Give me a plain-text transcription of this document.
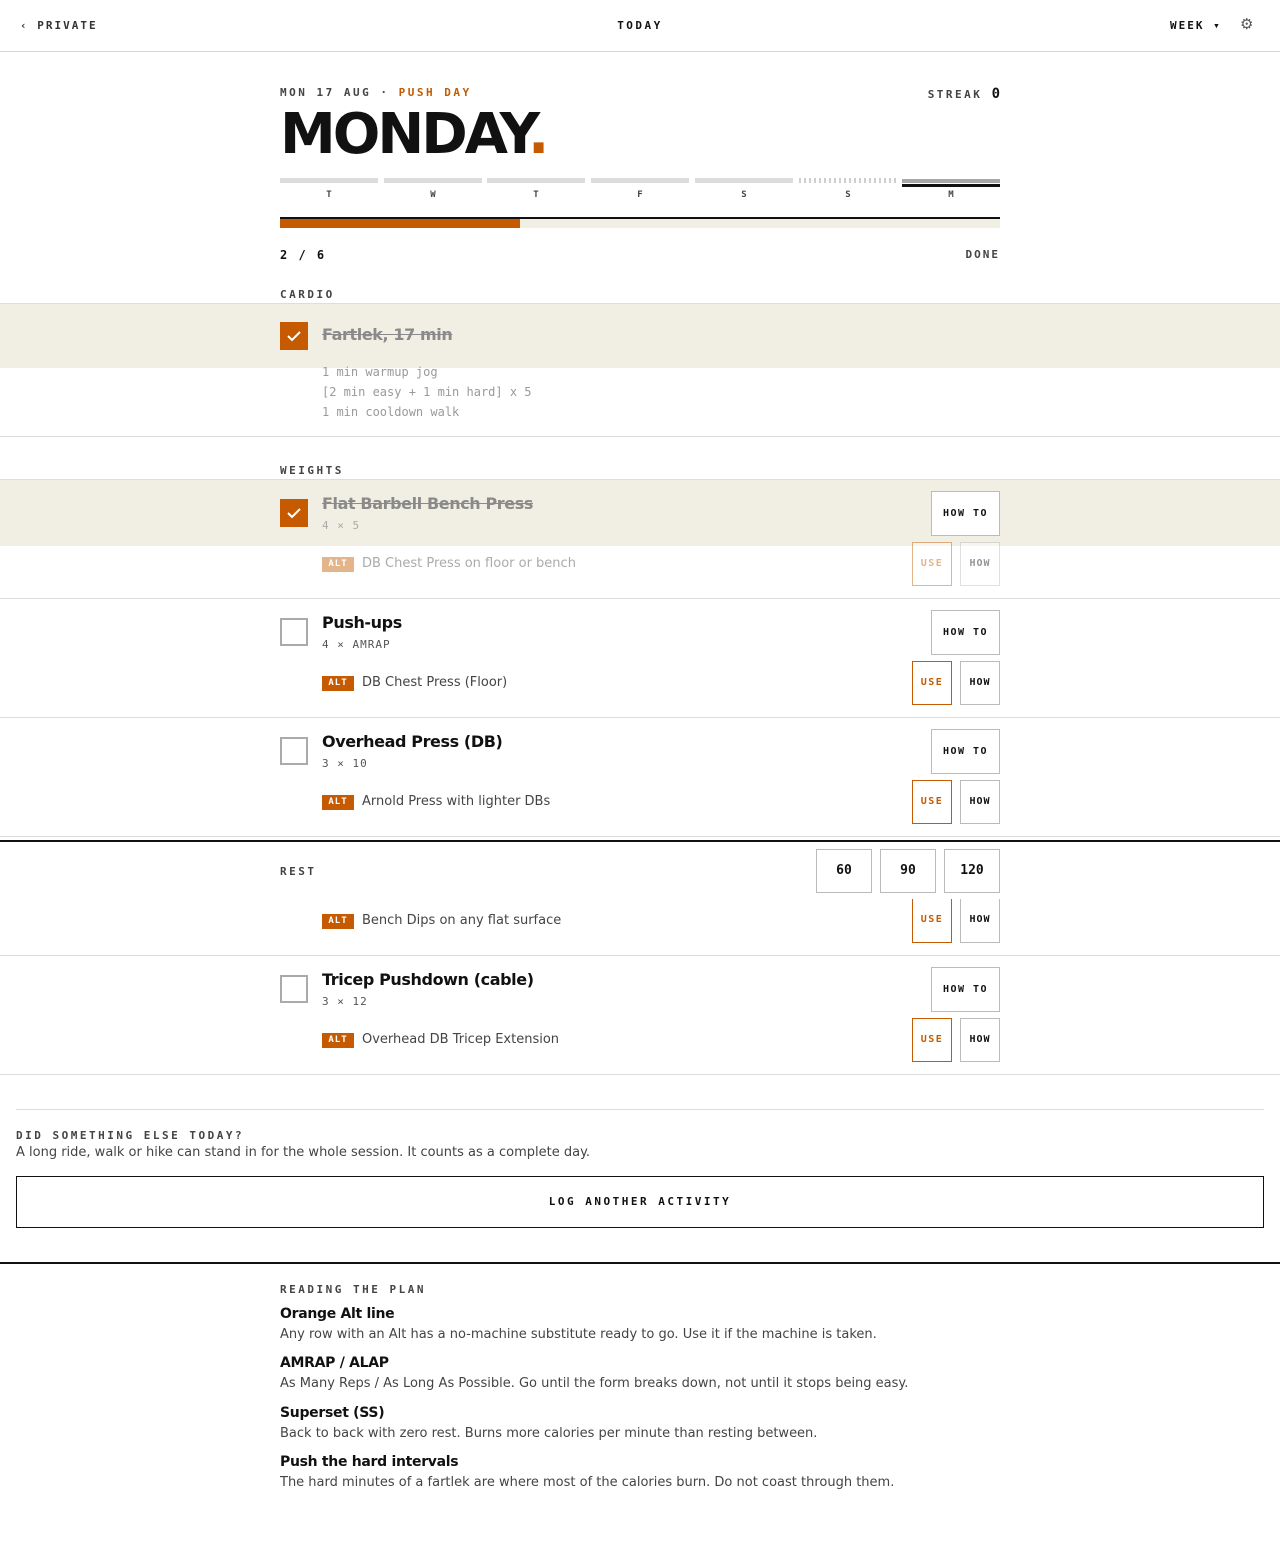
‹ PRIVATE	TODAY	WEEK ▾ ⚙
MON 17 AUG · PUSH DAY	STREAK 0
MONDAY.
T	W	T	F	S	S	M
2 / 6	DONE
CARDIO
Fartlek, 17 min
1 min warmup jog
[2 min easy + 1 min hard] x 5
1 min cooldown walk
WEIGHTS
Flat Barbell Bench Press
4 × 5
HOW TO
ALT	DB Chest Press on floor or bench	USE	HOW
Push-ups
4 × AMRAP
HOW TO
ALT	DB Chest Press (Floor)	USE	HOW
Overhead Press (DB)
3 × 10
HOW TO
ALT	Arnold Press with lighter DBs	USE	HOW
REST	60	90	120
ALT	Bench Dips on any flat surface	USE	HOW
Tricep Pushdown (cable)
3 × 12
HOW TO
ALT	Overhead DB Tricep Extension	USE	HOW
DID SOMETHING ELSE TODAY?
A long ride, walk or hike can stand in for the whole session. It counts as a complete day.
LOG ANOTHER ACTIVITY
READING THE PLAN
Orange Alt line
Any row with an Alt has a no-machine substitute ready to go. Use it if the machine is taken.
AMRAP / ALAP
As Many Reps / As Long As Possible. Go until the form breaks down, not until it stops being easy.
Superset (SS)
Back to back with zero rest. Burns more calories per minute than resting between.
Push the hard intervals
The hard minutes of a fartlek are where most of the calories burn. Do not coast through them.
